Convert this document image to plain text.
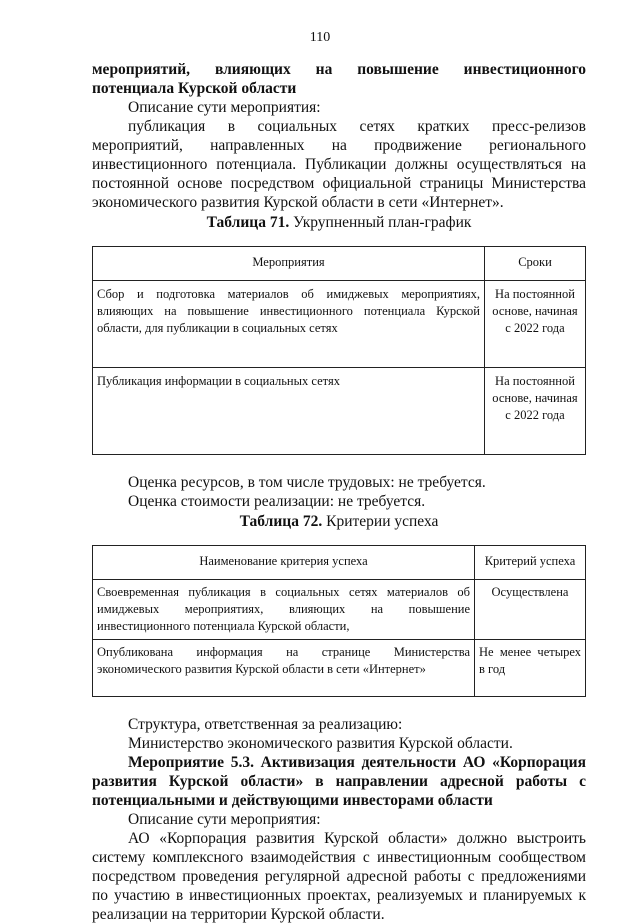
110

мероприятий, влияющих на повышение инвестиционного потенциала Курской области

Описание сути мероприятия:

публикация в социальных сетях кратких пресс-релизов мероприятий, направленных на продвижение регионального инвестиционного потенциала. Публикации должны осуществляться на постоянной основе посредством официальной страницы Министерства экономического развития Курской области в сети «Интернет».

Таблица 71. Укрупненный план-график

Мероприятия	Сроки
Сбор и подготовка материалов об имиджевых мероприятиях, влияющих на повышение инвестиционного потенциала Курской области, для публикации в социальных сетях	На постоянной основе, начиная с 2022 года
Публикация информации в социальных сетях	На постоянной основе, начиная с 2022 года

Оценка ресурсов, в том числе трудовых: не требуется.

Оценка стоимости реализации: не требуется.

Таблица 72. Критерии успеха

Наименование критерия успеха	Критерий успеха
Своевременная публикация в социальных сетях материалов об имиджевых мероприятиях, влияющих на повышение инвестиционного потенциала Курской области,	Осуществлена
Опубликована информация на странице Министерства экономического развития Курской области в сети «Интернет»	Не менее четырех в год

Структура, ответственная за реализацию:

Министерство экономического развития Курской области.

Мероприятие 5.3. Активизация деятельности АО «Корпорация развития Курской области» в направлении адресной работы с потенциальными и действующими инвесторами области

Описание сути мероприятия:

АО «Корпорация развития Курской области» должно выстроить систему комплексного взаимодействия с инвестиционным сообществом посредством проведения регулярной адресной работы с предложениями по участию в инвестиционных проектах, реализуемых и планируемых к реализации на территории Курской области.
